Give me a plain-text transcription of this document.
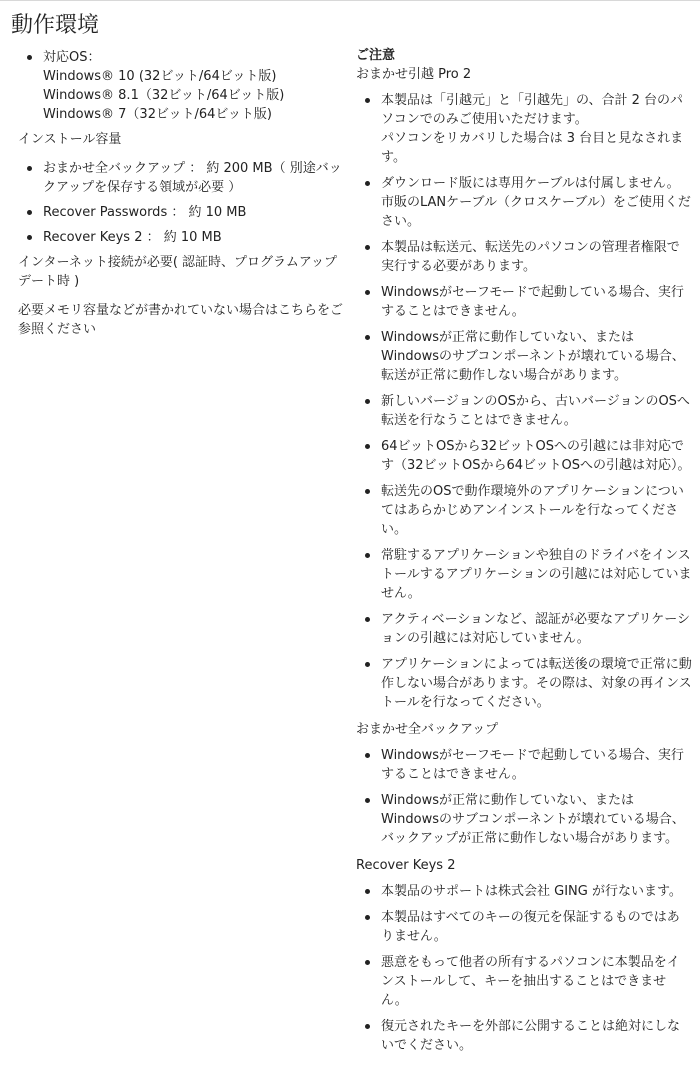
動作環境
対応OS：
Windows® 10 (32ビット/64ビット版)
Windows® 8.1（32ビット/64ビット版)
Windows® 7（32ビット/64ビット版)

インストール容量

おまかせ全バックアップ ： 約 200 MB（ 別途バックアップを保存する領域が必要 ）
Recover Passwords ： 約 10 MB
Recover Keys 2 ： 約 10 MB

インターネット接続が必要( 認証時、プログラムアップデート時 )

必要メモリ容量などが書かれていない場合はこちらをご参照ください

ご注意

おまかせ引越 Pro 2

本製品は「引越元」と「引越先」の、合計 2 台のパソコンでのみご使用いただけます。
パソコンをリカバリした場合は 3 台目と見なされます。
ダウンロード版には専用ケーブルは付属しません。市販のLANケーブル（クロスケーブル）をご使用ください。
本製品は転送元、転送先のパソコンの管理者権限で実行する必要があります。
Windowsがセーフモードで起動している場合、実行することはできません。
Windowsが正常に動作していない、またはWindowsのサブコンポーネントが壊れている場合、転送が正常に動作しない場合があります。
新しいバージョンのOSから、古いバージョンのOSへ転送を行なうことはできません。
64ビットOSから32ビットOSへの引越には非対応です（32ビットOSから64ビットOSへの引越は対応）。
転送先のOSで動作環境外のアプリケーションについてはあらかじめアンインストールを行なってください。
常駐するアプリケーションや独自のドライバをインストールするアプリケーションの引越には対応していません。
アクティベーションなど、認証が必要なアプリケーションの引越には対応していません。
アプリケーションによっては転送後の環境で正常に動作しない場合があります。その際は、対象の再インストールを行なってください。

おまかせ全バックアップ

Windowsがセーフモードで起動している場合、実行することはできません。
Windowsが正常に動作していない、またはWindowsのサブコンポーネントが壊れている場合、バックアップが正常に動作しない場合があります。

Recover Keys 2

本製品のサポートは株式会社 GING が行ないます。
本製品はすべてのキーの復元を保証するものではありません。
悪意をもって他者の所有するパソコンに本製品をインストールして、キーを抽出することはできません。
復元されたキーを外部に公開することは絶対にしないでください。
